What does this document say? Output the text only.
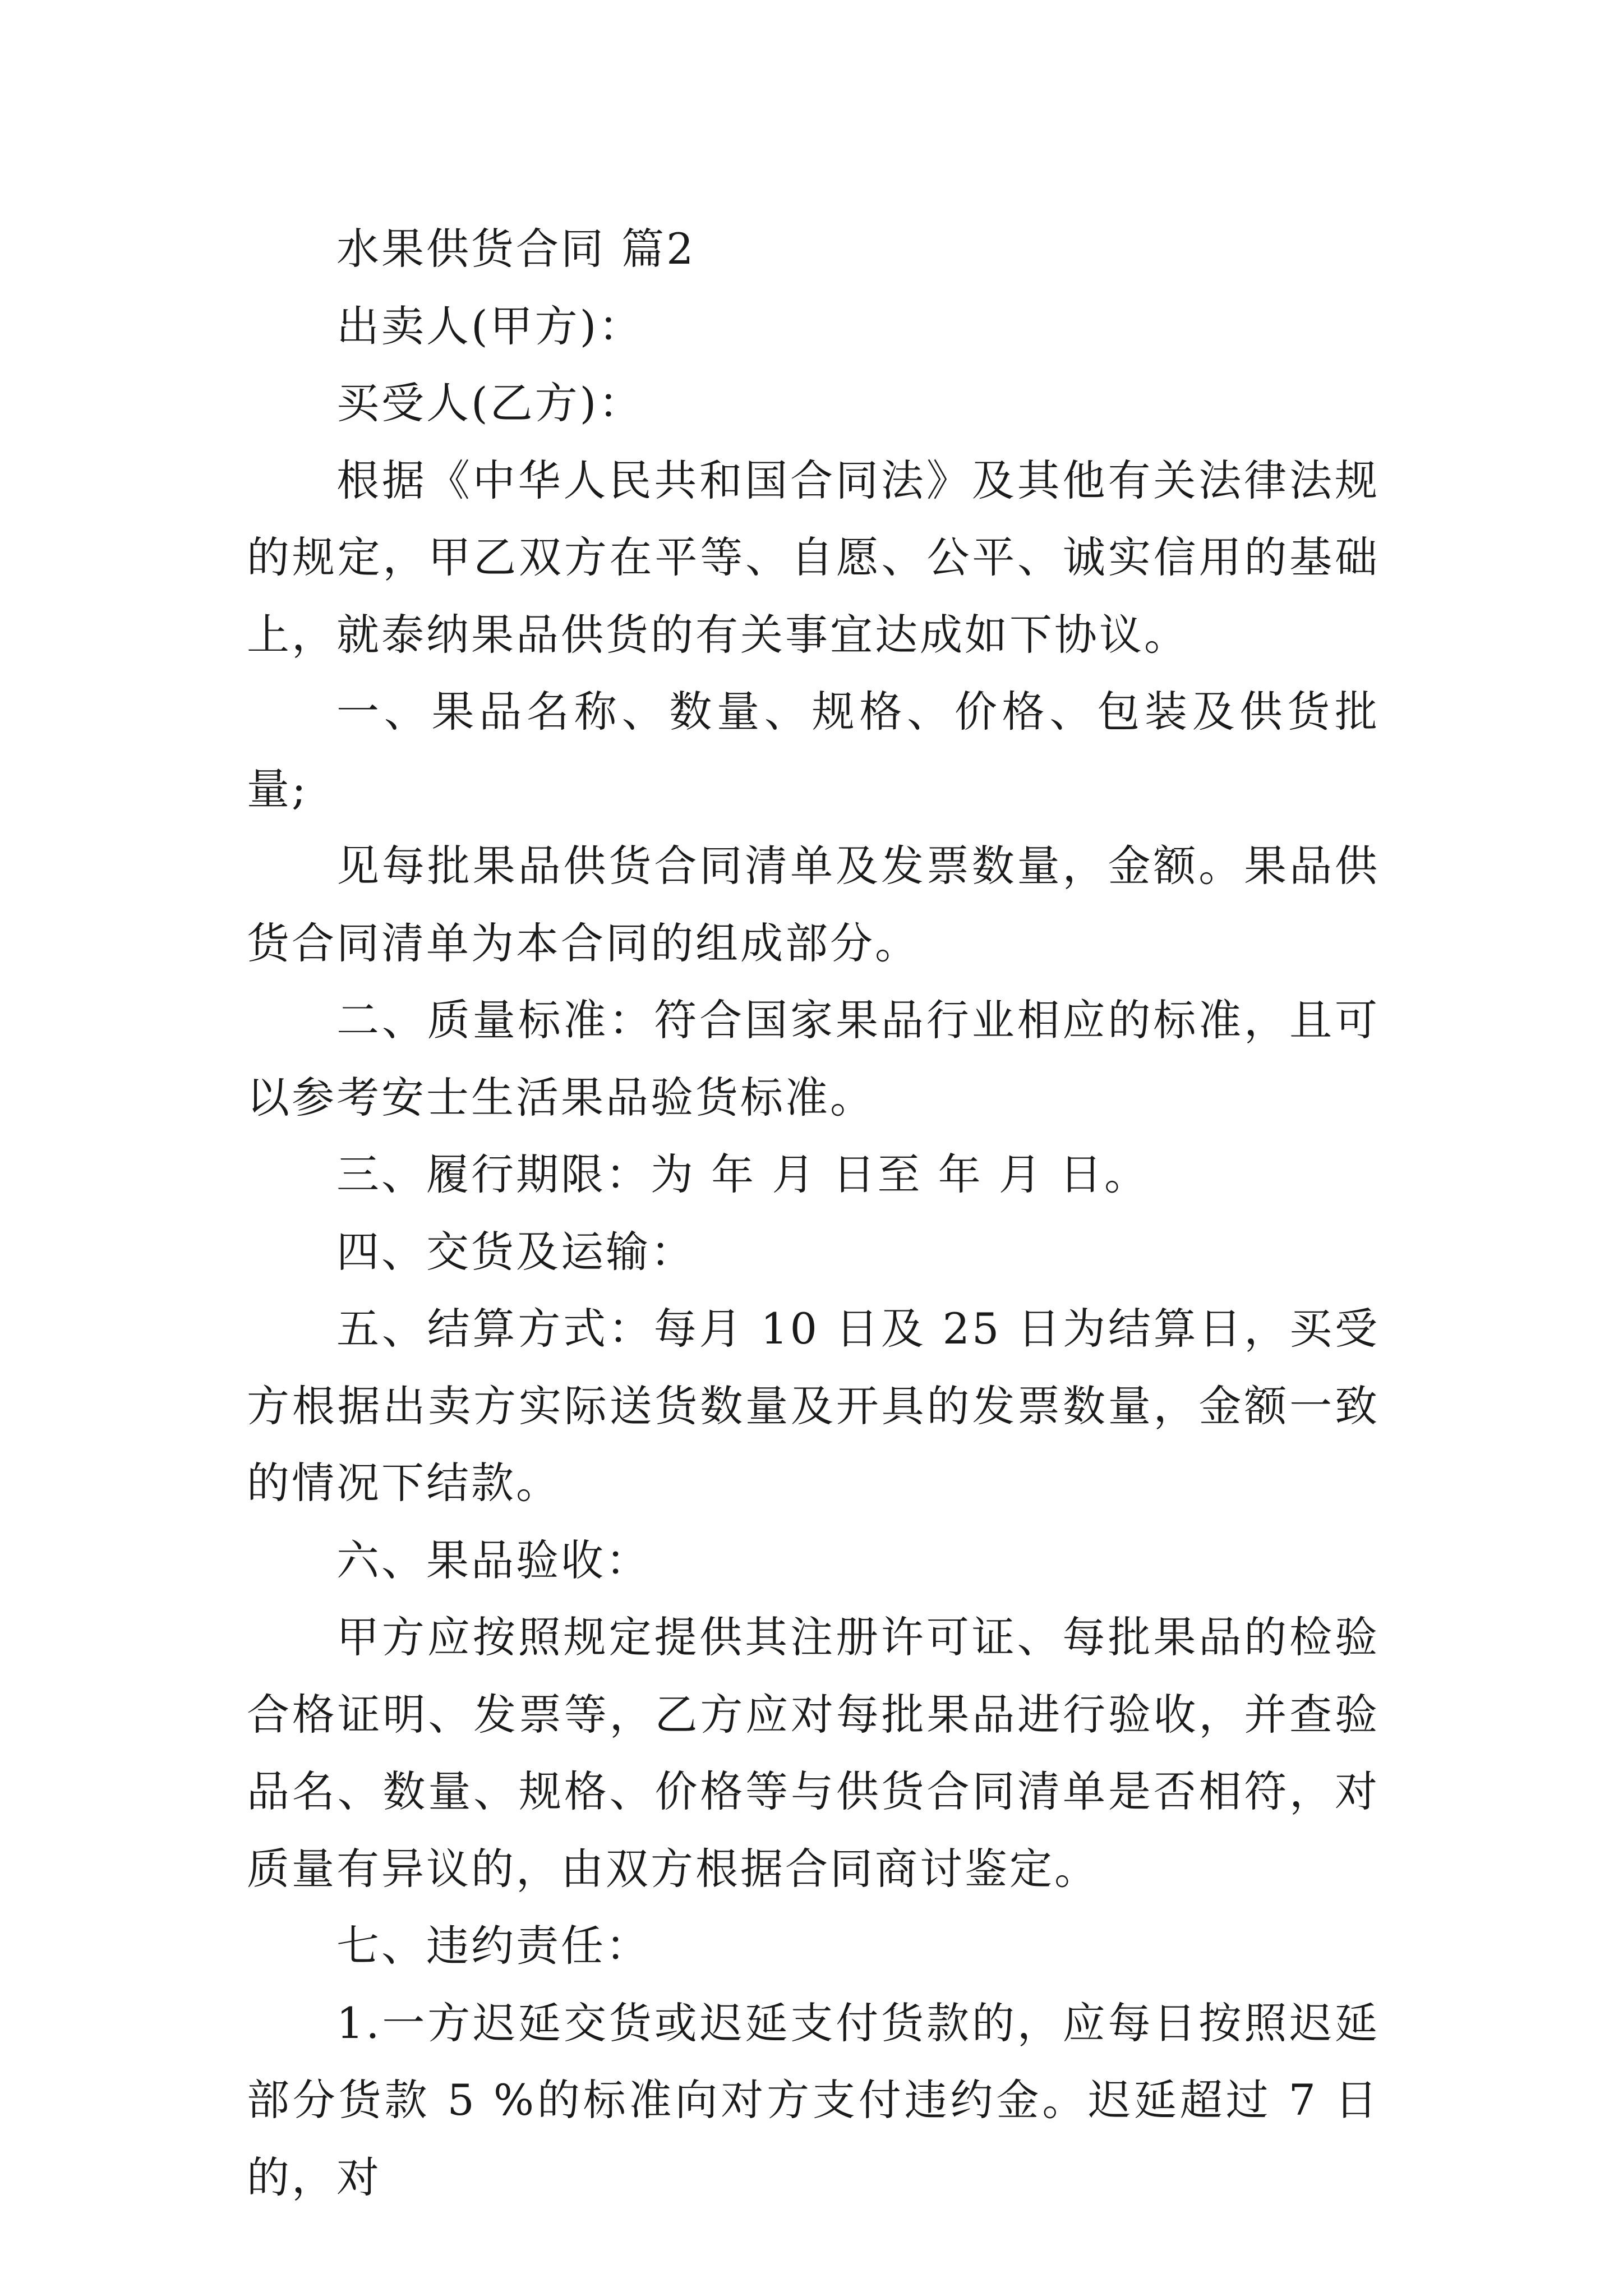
水果供货合同 篇2

出卖人(甲方)：

买受人(乙方)：

根据《中华人民共和国合同法》及其他有关法律法规的规定，甲乙双方在平等、自愿、公平、诚实信用的基础上，就泰纳果品供货的有关事宜达成如下协议。

一、果品名称、数量、规格、价格、包装及供货批量;

见每批果品供货合同清单及发票数量，金额。果品供货合同清单为本合同的组成部分。

二、质量标准：符合国家果品行业相应的标准，且可以参考安士生活果品验货标准。

三、履行期限：为 年 月 日至 年 月 日。

四、交货及运输：

五、结算方式：每月 10 日及 25 日为结算日，买受方根据出卖方实际送货数量及开具的发票数量，金额一致的情况下结款。

六、果品验收：

甲方应按照规定提供其注册许可证、每批果品的检验合格证明、发票等，乙方应对每批果品进行验收，并查验品名、数量、规格、价格等与供货合同清单是否相符，对质量有异议的，由双方根据合同商讨鉴定。

七、违约责任：

1.一方迟延交货或迟延支付货款的，应每日按照迟延部分货款 5 %的标准向对方支付违约金。迟延超过 7 日的，对
